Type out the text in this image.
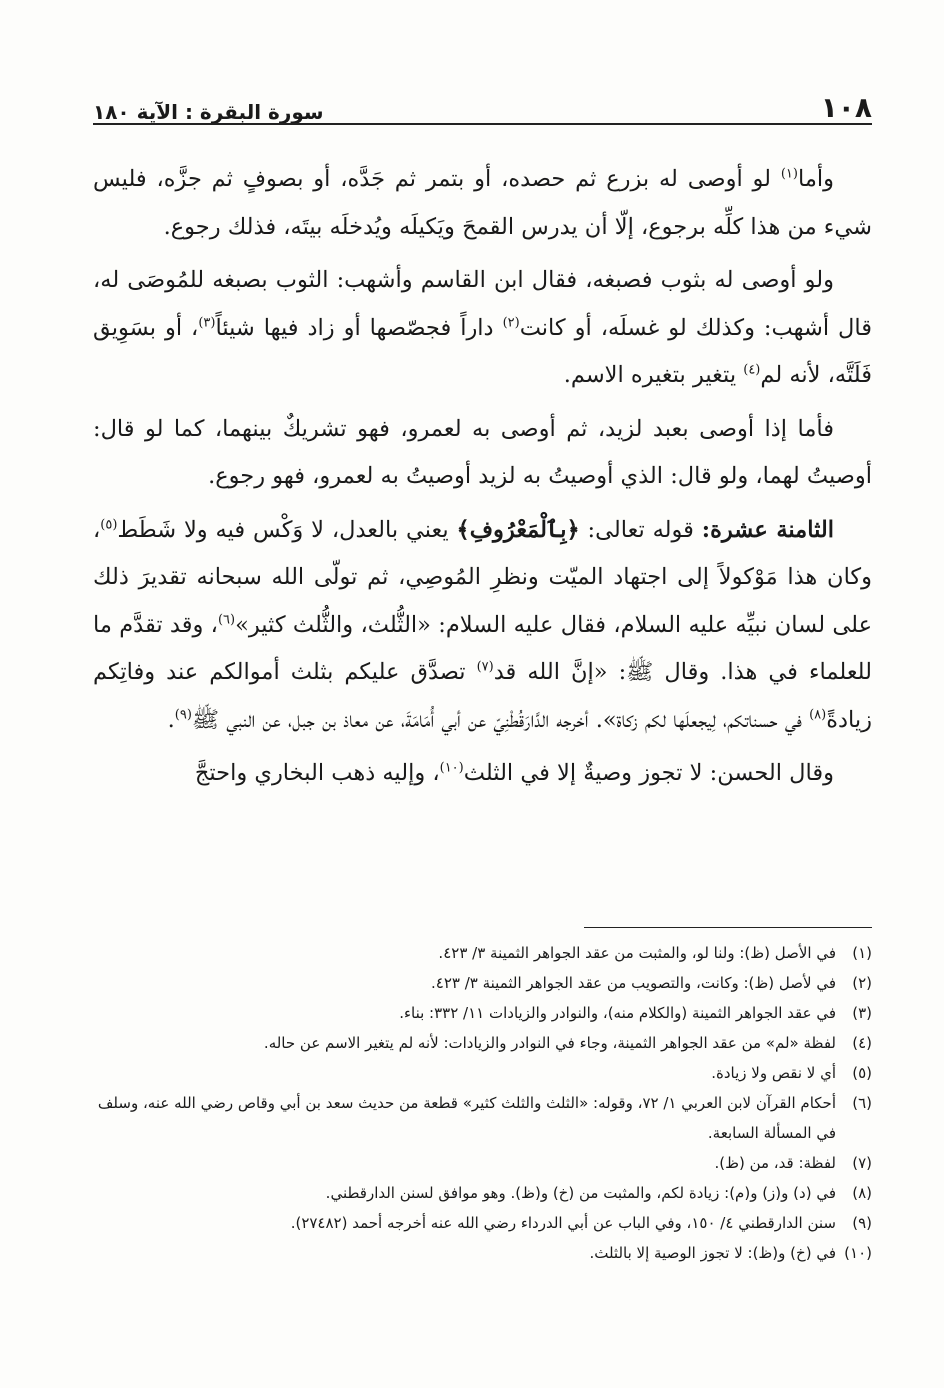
١٠٨
سورة البقرة : الآية ١٨٠

وأما$^{(١)}$ لو أوصى له بزرع ثم حصده، أو بتمر ثم جَدَّه، أو بصوفٍ ثم جزَّه، فليس شيء من هذا كلِّه برجوع، إلّا أن يدرس القمحَ ويَكيلَه ويُدخلَه بيتَه، فذلك رجوع.

ولو أوصى له بثوب فصبغه، فقال ابن القاسم وأشهب: الثوب بصبغه للمُوصَى له، قال أشهب: وكذلك لو غسلَه، أو كانت$^{(٢)}$ داراً فجصّصها أو زاد فيها شيئاً$^{(٣)}$، أو بسَوِيق فَلَتَّه، لأنه لم$^{(٤)}$ يتغير بتغيره الاسم.

فأما إذا أوصى بعبد لزيد، ثم أوصى به لعمرو، فهو تشريكٌ بينهما، كما لو قال: أوصيتُ لهما، ولو قال: الذي أوصيتُ به لزيد أوصيتُ به لعمرو، فهو رجوع.

الثامنة عشرة: قوله تعالى: ﴿بِٱلْمَعْرُوفِ﴾ يعني بالعدل، لا وَكْس فيه ولا شَطَط$^{(٥)}$، وكان هذا مَوْكولاً إلى اجتهاد الميّت ونظرِ المُوصِي، ثم تولّى الله سبحانه تقديرَ ذلك على لسان نبيِّه عليه السلام، فقال عليه السلام: «الثُّلث، والثُّلث كثير»$^{(٦)}$، وقد تقدَّم ما للعلماء في هذا. وقال ﷺ: «إنَّ الله قد$^{(٧)}$ تصدَّق عليكم بثلث أموالكم عند وفاتِكم زيادةً$^{(٨)}$ في حسناتكم، لِيجعلَها لكم زكاة». أخرجه الدَّارَقُطْنِيّ عن أبي أُمَامَةَ، عن معاذ بن جبل، عن النبي ﷺ$^{(٩)}$.

وقال الحسن: لا تجوز وصيةٌ إلا في الثلث$^{(١٠)}$، وإليه ذهب البخاري واحتجَّ

(١)
في الأصل (ظ): ولنا لو، والمثبت من عقد الجواهر الثمينة ٣/ ٤٢٣.
(٢)
في لأصل (ظ): وكانت، والتصويب من عقد الجواهر الثمينة ٣/ ٤٢٣.
(٣)
في عقد الجواهر الثمينة (والكلام منه)، والنوادر والزيادات ١١/ ٣٣٢: بناء.
(٤)
لفظة «لم» من عقد الجواهر الثمينة، وجاء في النوادر والزيادات: لأنه لم يتغير الاسم عن حاله.
(٥)
أي لا نقص ولا زيادة.
(٦)
أحكام القرآن لابن العربي ١/ ٧٢، وقوله: «الثلث والثلث كثير» قطعة من حديث سعد بن أبي وقاص رضي الله عنه، وسلف في المسألة السابعة.
(٧)
لفظة: قد، من (ظ).
(٨)
في (د) و(ز) و(م): زيادة لكم، والمثبت من (خ) و(ظ). وهو موافق لسنن الدارقطني.
(٩)
سنن الدارقطني ٤/ ١٥٠، وفي الباب عن أبي الدرداء رضي الله عنه أخرجه أحمد (٢٧٤٨٢).
(١٠)
في (خ) و(ظ): لا تجوز الوصية إلا بالثلث.
